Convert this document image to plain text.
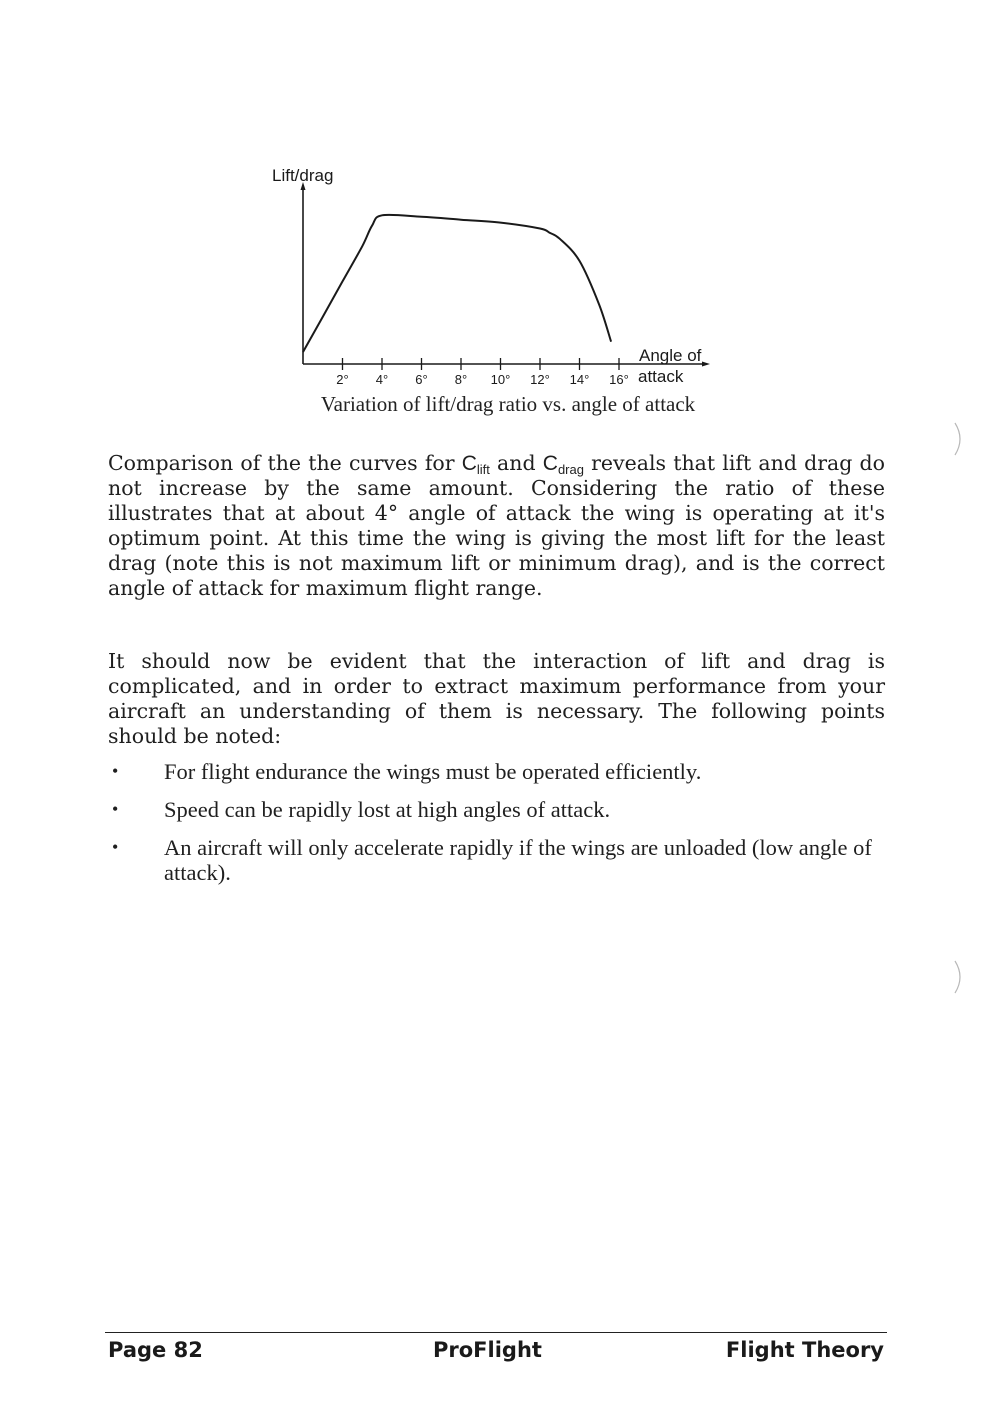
2° 4° 6° 8° 10° 12° 14° 16°
Lift/drag
Angle of
attack
Variation of lift/drag ratio vs. angle of attack

Comparison of the the curves for $C_{lift}$ and $C_{drag}$ reveals that lift and drag do not increase by the same amount. Considering the ratio of these illustrates that at about 4° angle of attack the wing is operating at it's optimum point. At this time the wing is giving the most lift for the least drag (note this is not maximum lift or minimum drag), and is the correct angle of attack for maximum flight range.

It should now be evident that the interaction of lift and drag is complicated, and in order to extract maximum performance from your aircraft an understanding of them is necessary. The following points should be noted:

• For flight endurance the wings must be operated efficiently.
• Speed can be rapidly lost at high angles of attack.
• An aircraft will only accelerate rapidly if the wings are unloaded (low angle of attack).
Page 82	ProFlight	Flight Theory
